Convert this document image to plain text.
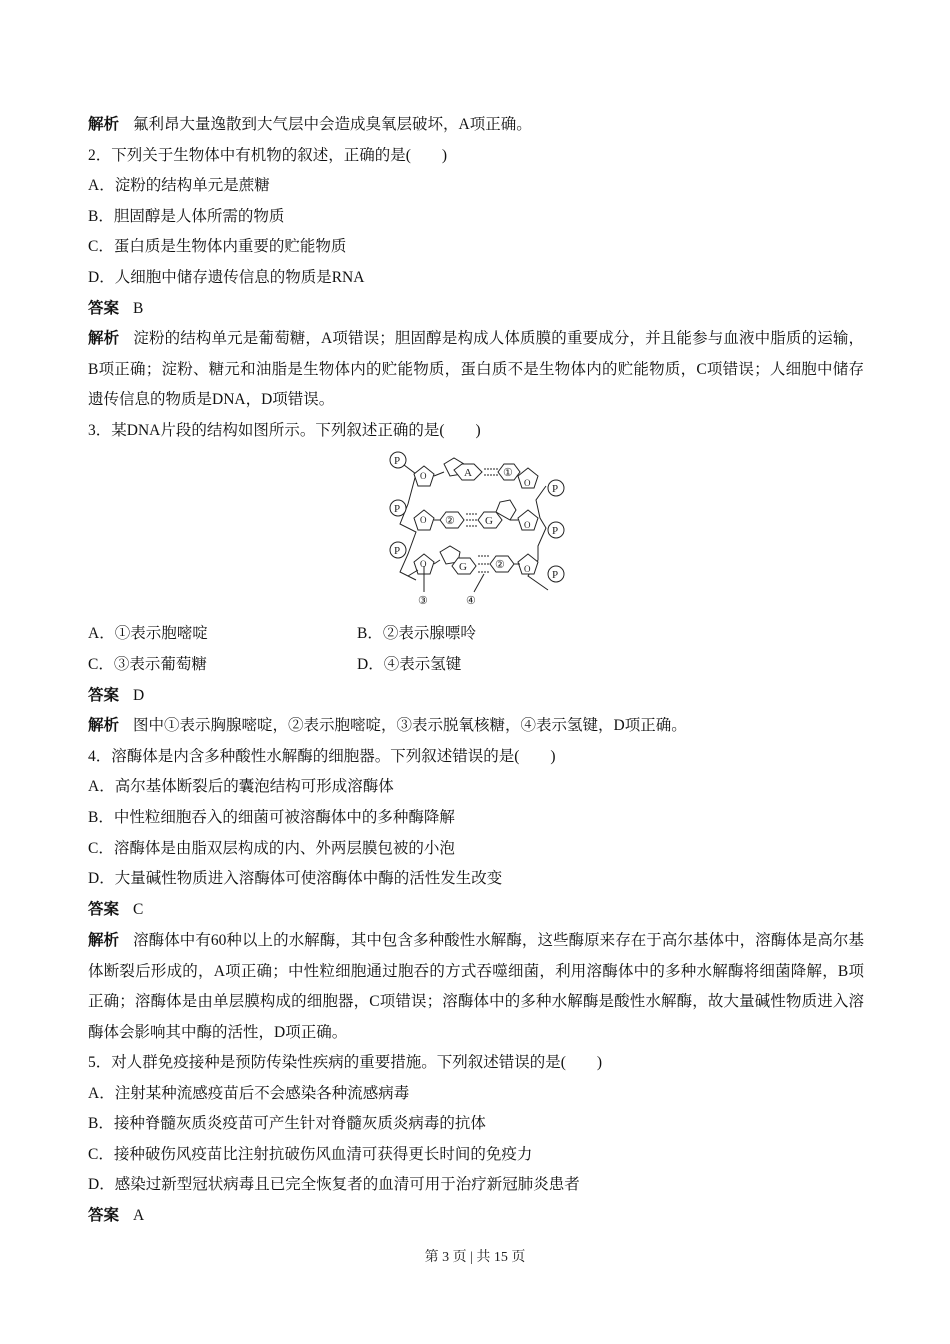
解析 氟利昂大量逸散到大气层中会造成臭氧层破坏，A项正确。
2．下列关于生物体中有机物的叙述，正确的是(　　)
A．淀粉的结构单元是蔗糖
B．胆固醇是人体所需的物质
C．蛋白质是生物体内重要的贮能物质
D．人细胞中储存遗传信息的物质是RNA
答案 B
解析 淀粉的结构单元是葡萄糖，A项错误；胆固醇是构成人体质膜的重要成分，并且能参与血液中脂质的运输，B项正确；淀粉、糖元和油脂是生物体内的贮能物质，蛋白质不是生物体内的贮能物质，C项错误；人细胞中储存遗传信息的物质是DNA，D项错误。
3．某DNA片段的结构如图所示。下列叙述正确的是(　　)
P
P
P
P
P
P
O
O
O
O
O
O
A	①
②	G
G	②
③	④
A．①表示胞嘧啶	B．②表示腺嘌呤
C．③表示葡萄糖	D．④表示氢键
答案 D
解析 图中①表示胸腺嘧啶，②表示胞嘧啶，③表示脱氧核糖，④表示氢键，D项正确。
4．溶酶体是内含多种酸性水解酶的细胞器。下列叙述错误的是(　　)
A．高尔基体断裂后的囊泡结构可形成溶酶体
B．中性粒细胞吞入的细菌可被溶酶体中的多种酶降解
C．溶酶体是由脂双层构成的内、外两层膜包被的小泡
D．大量碱性物质进入溶酶体可使溶酶体中酶的活性发生改变
答案 C
解析 溶酶体中有60种以上的水解酶，其中包含多种酸性水解酶，这些酶原来存在于高尔基体中，溶酶体是高尔基体断裂后形成的，A项正确；中性粒细胞通过胞吞的方式吞噬细菌，利用溶酶体中的多种水解酶将细菌降解，B项正确；溶酶体是由单层膜构成的细胞器，C项错误；溶酶体中的多种水解酶是酸性水解酶，故大量碱性物质进入溶酶体会影响其中酶的活性，D项正确。
5．对人群免疫接种是预防传染性疾病的重要措施。下列叙述错误的是(　　)
A．注射某种流感疫苗后不会感染各种流感病毒
B．接种脊髓灰质炎疫苗可产生针对脊髓灰质炎病毒的抗体
C．接种破伤风疫苗比注射抗破伤风血清可获得更长时间的免疫力
D．感染过新型冠状病毒且已完全恢复者的血清可用于治疗新冠肺炎患者
答案 A
第 3 页 | 共 15 页
